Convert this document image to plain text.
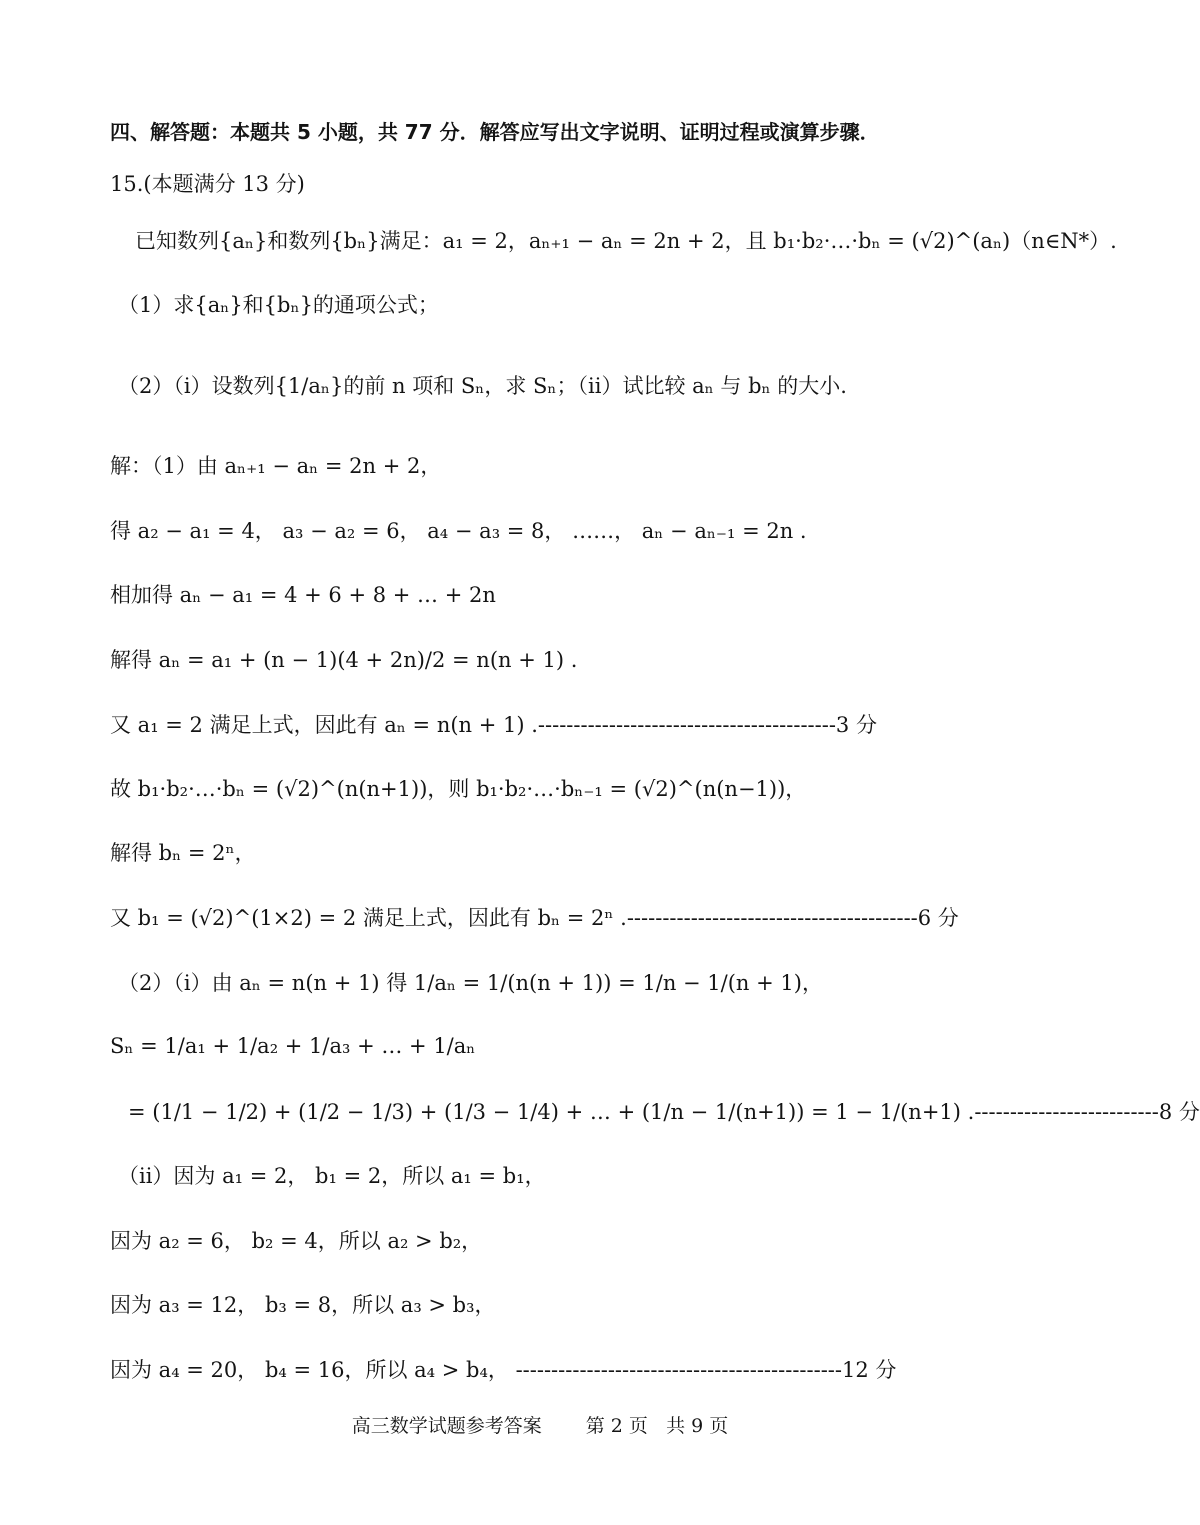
四、解答题：本题共 5 小题，共 77 分．解答应写出文字说明、证明过程或演算步骤．
15.(本题满分 13 分)
已知数列{aₙ}和数列{bₙ}满足：a₁ = 2，aₙ₊₁ − aₙ = 2n + 2，且 b₁·b₂·…·bₙ = (√2)^(aₙ)（n∈N*）.
（1）求{aₙ}和{bₙ}的通项公式；
（2）（i）设数列{1/aₙ}的前 n 项和 Sₙ，求 Sₙ；（ii）试比较 aₙ 与 bₙ 的大小.
解：（1）由 aₙ₊₁ − aₙ = 2n + 2，
得 a₂ − a₁ = 4， a₃ − a₂ = 6， a₄ − a₃ = 8， ……， aₙ − aₙ₋₁ = 2n .
相加得 aₙ − a₁ = 4 + 6 + 8 + … + 2n
解得 aₙ = a₁ + (n − 1)(4 + 2n)/2 = n(n + 1) .
又 a₁ = 2 满足上式，因此有 aₙ = n(n + 1) .------------------------------------------3 分
故 b₁·b₂·…·bₙ = (√2)^(n(n+1))，则 b₁·b₂·…·bₙ₋₁ = (√2)^(n(n−1))，
解得 bₙ = 2ⁿ，
又 b₁ = (√2)^(1×2) = 2 满足上式，因此有 bₙ = 2ⁿ .-----------------------------------------6 分
（2）（i）由 aₙ = n(n + 1) 得 1/aₙ = 1/(n(n + 1)) = 1/n − 1/(n + 1)，
Sₙ = 1/a₁ + 1/a₂ + 1/a₃ + … + 1/aₙ
= (1/1 − 1/2) + (1/2 − 1/3) + (1/3 − 1/4) + … + (1/n − 1/(n+1)) = 1 − 1/(n+1) .--------------------------8 分
（ii）因为 a₁ = 2， b₁ = 2，所以 a₁ = b₁，
因为 a₂ = 6， b₂ = 4，所以 a₂ > b₂，
因为 a₃ = 12， b₃ = 8，所以 a₃ > b₃，
因为 a₄ = 20， b₄ = 16，所以 a₄ > b₄， ----------------------------------------------12 分
高三数学试题参考答案 第 2 页 共 9 页
